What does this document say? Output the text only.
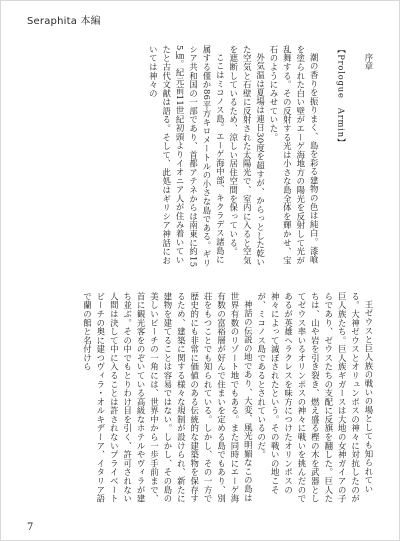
Seraphita 本編

序章

【Prologue　Armin】

潮の香りを振りまく、島を彩る建物の色は純白。漆喰を塗られた白い壁がエーゲ海地方の陽光を反射して光が乱舞する。その反射する光は小さな島全体を輝かせ、宝石のようにみせていた。

外気温は夏場は連日30度を超すが、からっとした乾いた空気と石壁に反射された太陽光で、室内に入ると空気を遮断しているため、涼しい居住空間を保っている。

ここはミコノス島。エーゲ海中部、キクラデス諸島に属する僅か86平方キロメートルの小さな島である。ギリシア共和国の一部であり、首都アテネからは南東に約155㎞。紀元前11世紀初頭よりイオニア人が住み着いていたと古代文献は語る。そして、此処はギリシア神話においては神々の

王ゼウスと巨人族の戦いの場としても知られている。大神ゼウスとオリュンポスの神々に対抗したのが巨人族たち。巨人族ギガースは大地の女神ガイアの子らであり、ゼウスたちの支配に反旗を翻した。巨人たちは、山や岩を引き裂き、燃え盛る樫の木を武器としてゼウス率いるオリンポスの神々に戦いを挑んだのであるが英雄ヘラクレスを味方につけたオリンポスの神々によって滅ぼされたという。その戦いの地こそが、ミコノス島であるとされているのだ。

神話の伝説の地であり、大変、風光明媚なこの島は世界有数のリゾート地でもある。また同時にエーゲ海有数の富裕層が好んで住まいを定める島でもあり、別荘をもつことでも知られている。しかし、その一方で歴史的にも非常に価値のある伝統的な建築物を保存するため、建築に関する様々な規制が設けられ、新たに建物を建てることは容易ではない。しかし、その島の美しいビーチの一角には、世界中から一歩手前まで、首に観光客をのぞいている高級なホテルやヴィラが建ち並ぶ。その中でもとりわけ目を引く、許可されない人間は決して中に入ることは許されないプライベートビーチの奥に建つヴィラ・オルキデーア、イタリア語で蘭の館と名付けら

7
